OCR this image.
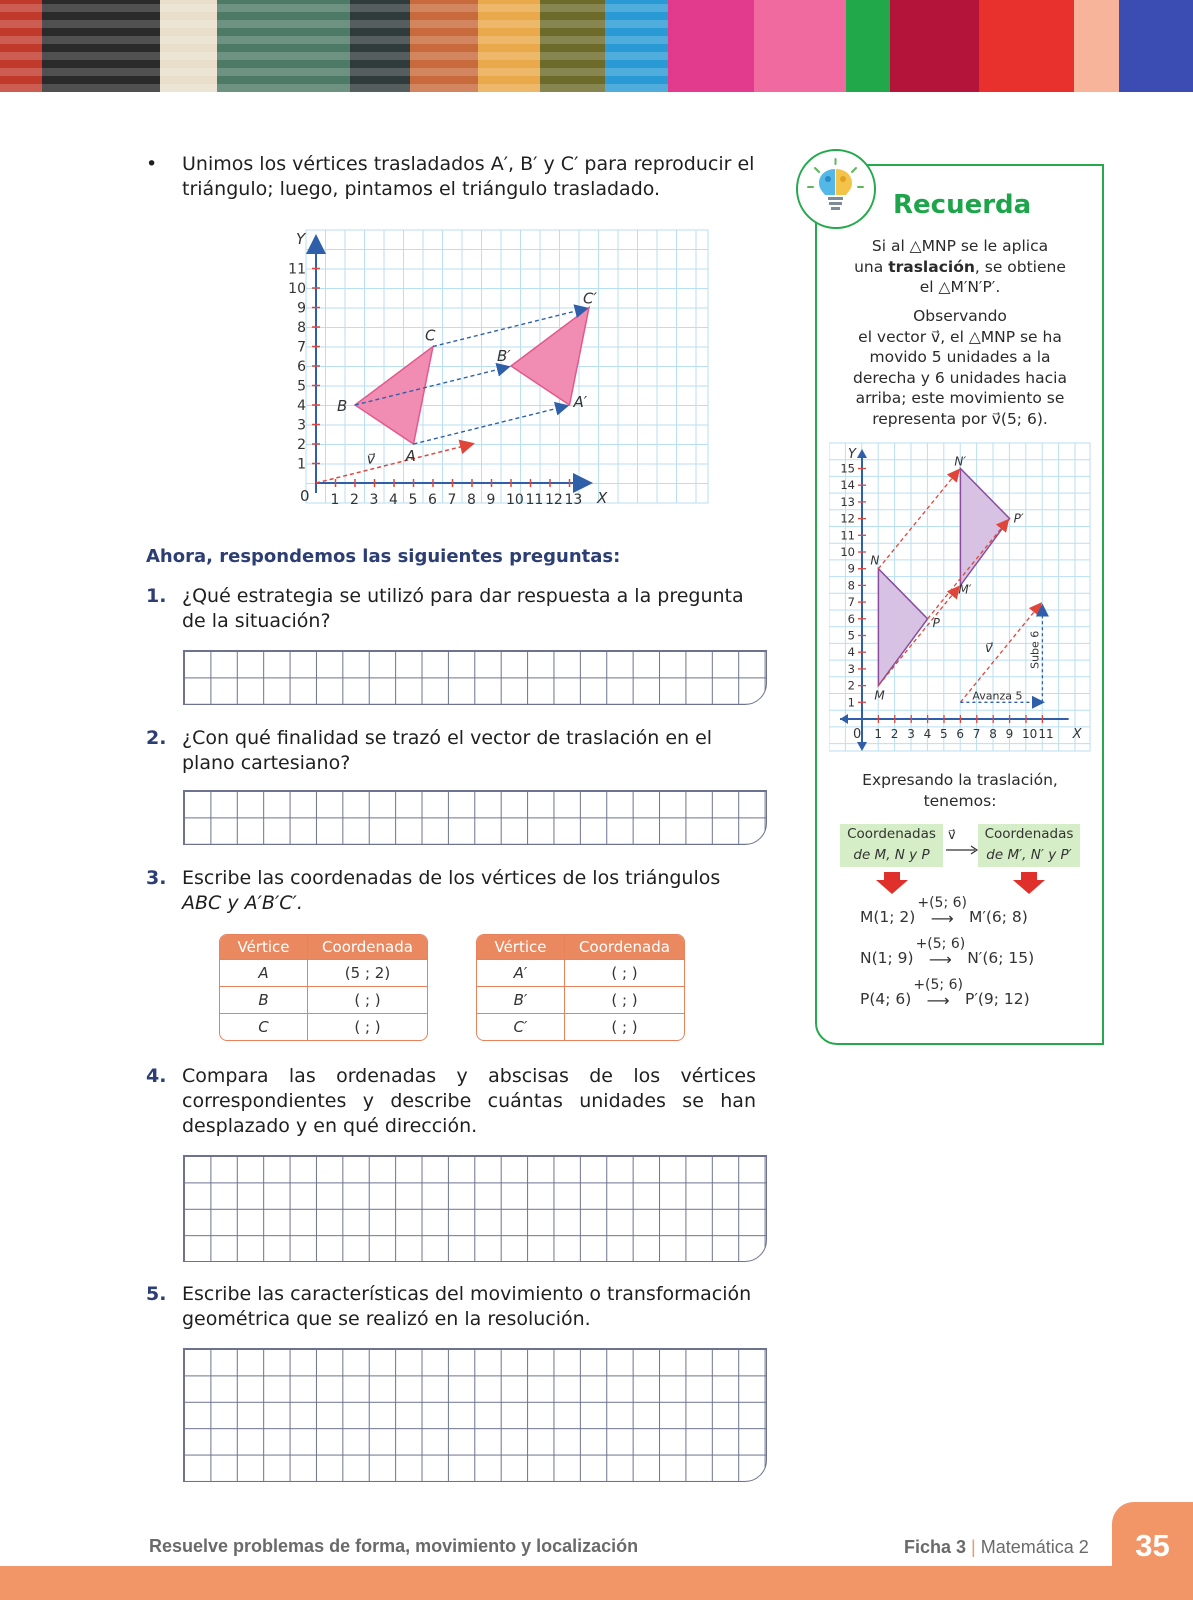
• Unimos los vértices trasladados A′, B′ y C′ para reproducir el
triángulo; luego, pintamos el triángulo trasladado.
1 2 3 4 5 6 7 8 9 10 11 12 13
1
2
3
4
5
6
7
8
9
10
11
0	X
Y
v⃗ A
B
C
A′
B′
C′
Ahora, respondemos las siguientes preguntas:
1. ¿Qué estrategia se utilizó para dar respuesta a la pregunta
de la situación?
2. ¿Con qué finalidad se trazó el vector de traslación en el
plano cartesiano?
3. Escribe las coordenadas de los vértices de los triángulos
ABC y A′B′C′.
Vértice	Coordenada
A	(5 ; 2)
B	( ; )
C	( ; )
Vértice	Coordenada
A′	( ; )
B′	( ; )
C′	( ; )
4. Compara las ordenadas y abscisas de los vértices
correspondientes y describe cuántas unidades se han
desplazado y en qué dirección.
5. Escribe las características del movimiento o transformación
geométrica que se realizó en la resolución.
Recuerda
Si al △MNP se le aplica
una traslación, se obtiene
el △M′N′P′.
Observando
el vector v⃗, el △MNP se ha
movido 5 unidades a la
derecha y 6 unidades hacia
arriba; este movimiento se
representa por v⃗(5; 6).
1 2 3 4 5 6 7 8 9 10 11
1
2
3
4
5
6
7
8
9
10
11
12
13
14
15
0	X
Y
Avanza 5
Sube 6
v⃗
M
N
P
M′
N′
P′
Expresando la traslación,
tenemos:
Coordenadas
de M, N y P
v⃗	Coordenadas
de M′, N′ y P′
M(1; 2)
+(5; 6)
⟶ M′(6; 8)
N(1; 9)
+(5; 6)
⟶ N′(6; 15)
P(4; 6)
+(5; 6)
⟶ P′(9; 12)
Resuelve problemas de forma, movimiento y localización	Ficha 3 | Matemática 2	35
